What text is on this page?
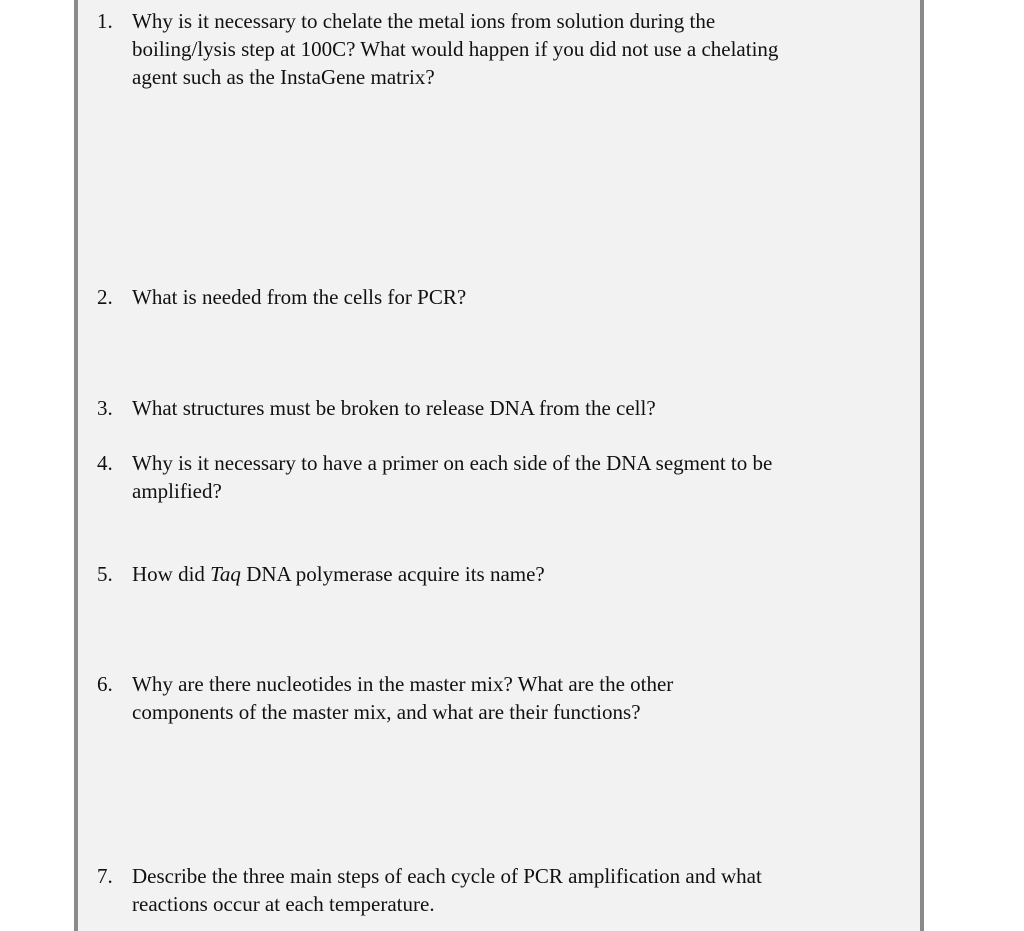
1. Why is it necessary to chelate the metal ions from solution during the
boiling/lysis step at 100C? What would happen if you did not use a chelating
agent such as the InstaGene matrix?
2. What is needed from the cells for PCR?
3. What structures must be broken to release DNA from the cell?
4. Why is it necessary to have a primer on each side of the DNA segment to be
amplified?
5. How did Taq DNA polymerase acquire its name?
6. Why are there nucleotides in the master mix? What are the other
components of the master mix, and what are their functions?
7. Describe the three main steps of each cycle of PCR amplification and what
reactions occur at each temperature.
